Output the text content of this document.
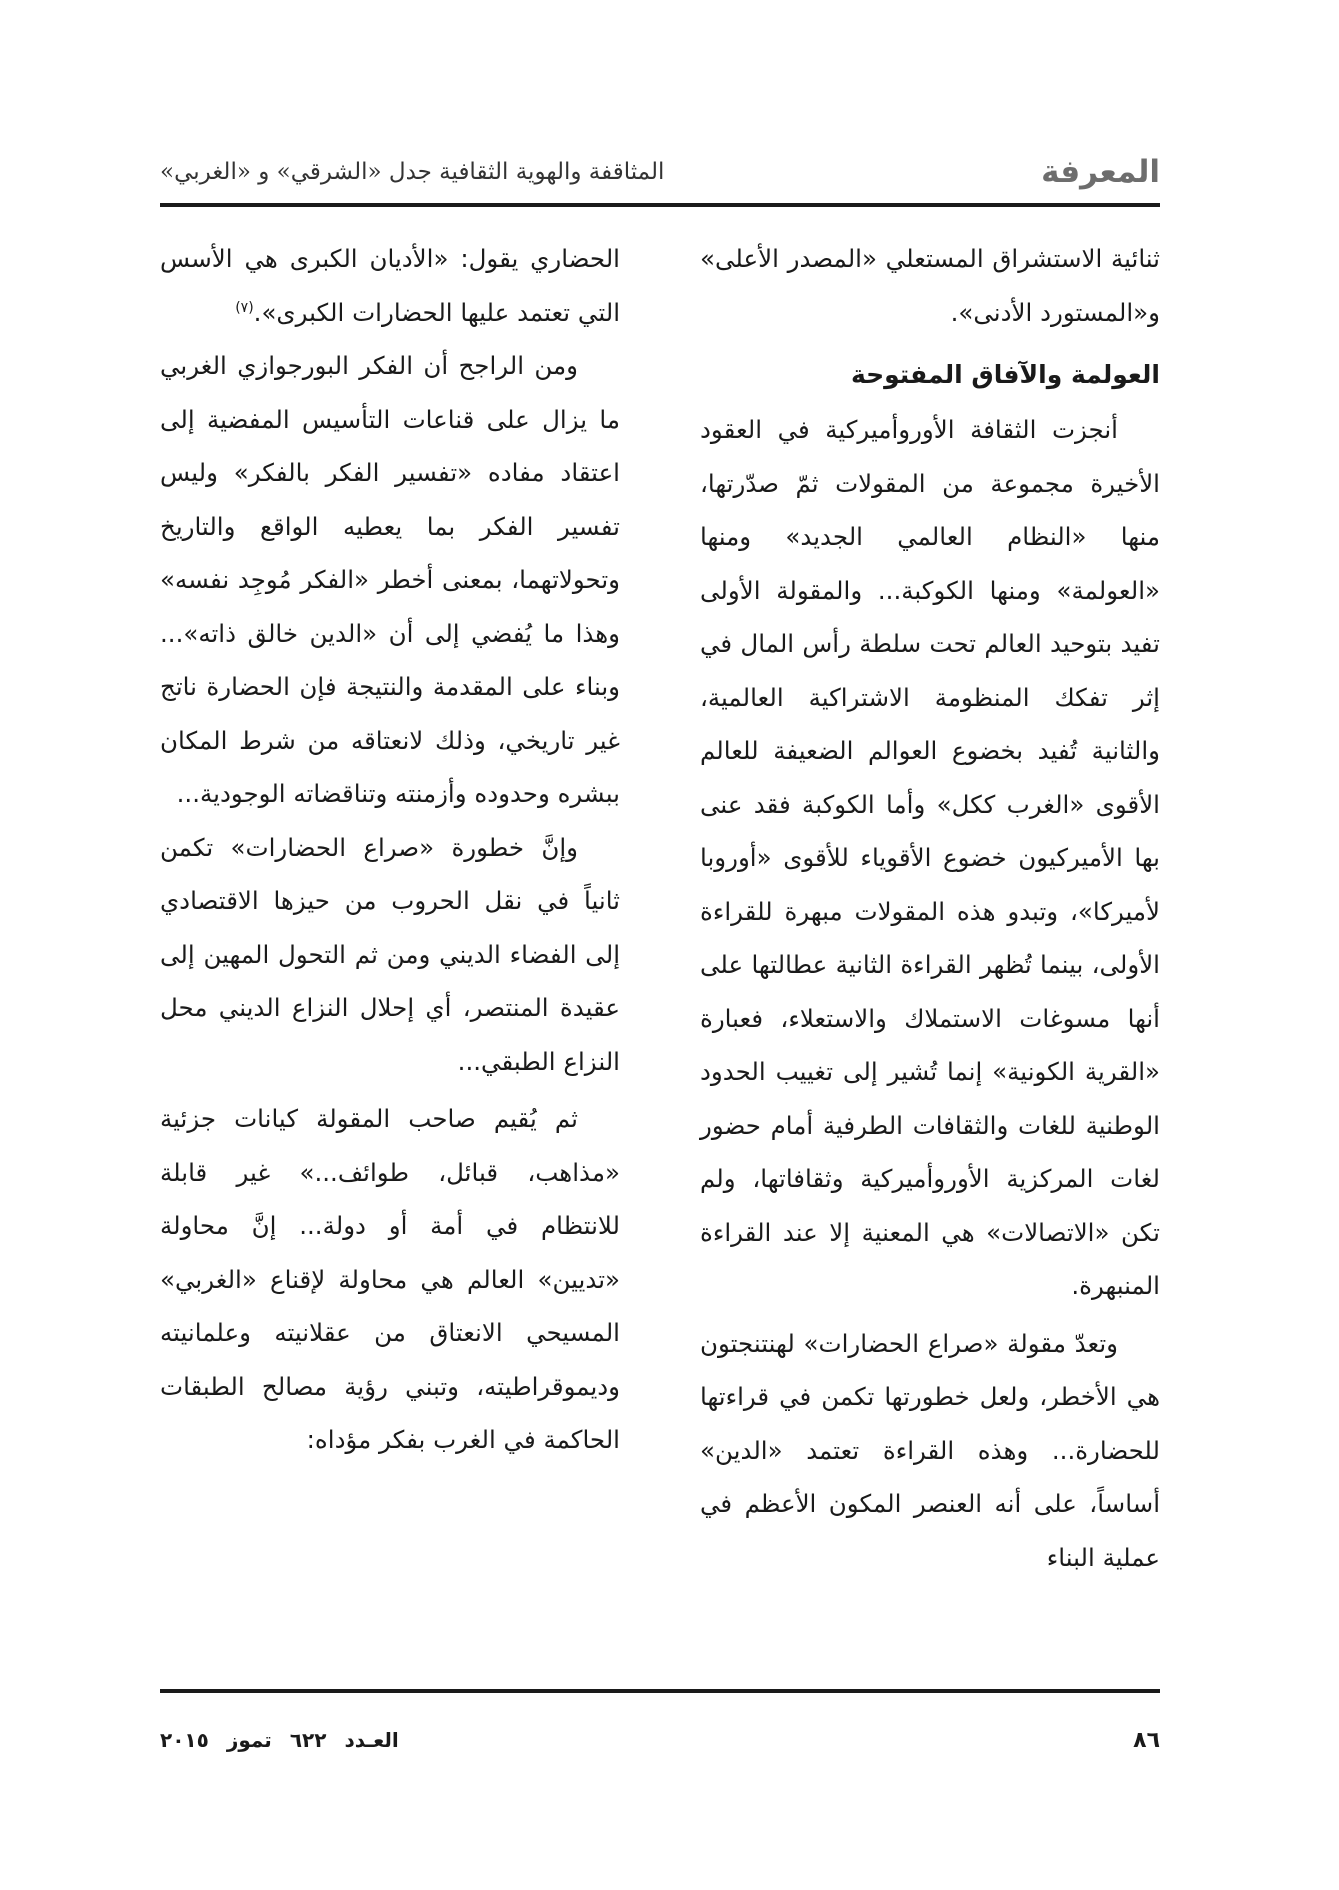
المعرفة
المثاقفة والهوية الثقافية جدل «الشرقي» و «الغربي»

ثنائية الاستشراق المستعلي «المصدر الأعلى» و«المستورد الأدنى».

العولمة والآفاق المفتوحة

أنجزت الثقافة الأوروأميركية في العقود الأخيرة مجموعة من المقولات ثمّ صدّرتها، منها «النظام العالمي الجديد» ومنها «العولمة» ومنها الكوكبة... والمقولة الأولى تفيد بتوحيد العالم تحت سلطة رأس المال في إثر تفكك المنظومة الاشتراكية العالمية، والثانية تُفيد بخضوع العوالم الضعيفة للعالم الأقوى «الغرب ككل» وأما الكوكبة فقد عنى بها الأميركيون خضوع الأقوياء للأقوى «أوروبا لأميركا»، وتبدو هذه المقولات مبهرة للقراءة الأولى، بينما تُظهر القراءة الثانية عطالتها على أنها مسوغات الاستملاك والاستعلاء، فعبارة «القرية الكونية» إنما تُشير إلى تغييب الحدود الوطنية للغات والثقافات الطرفية أمام حضور لغات المركزية الأوروأميركية وثقافاتها، ولم تكن «الاتصالات» هي المعنية إلا عند القراءة المنبهرة.

وتعدّ مقولة «صراع الحضارات» لهنتنجتون هي الأخطر، ولعل خطورتها تكمن في قراءتها للحضارة... وهذه القراءة تعتمد «الدين» أساساً، على أنه العنصر المكون الأعظم في عملية البناء

الحضاري يقول: «الأديان الكبرى هي الأسس التي تعتمد عليها الحضارات الكبرى».$^{(٧)}$

ومن الراجح أن الفكر البورجوازي الغربي ما يزال على قناعات التأسيس المفضية إلى اعتقاد مفاده «تفسير الفكر بالفكر» وليس تفسير الفكر بما يعطيه الواقع والتاريخ وتحولاتهما، بمعنى أخطر «الفكر مُوجِد نفسه» وهذا ما يُفضي إلى أن «الدين خالق ذاته»... وبناء على المقدمة والنتيجة فإن الحضارة ناتج غير تاريخي، وذلك لانعتاقه من شرط المكان ببشره وحدوده وأزمنته وتناقضاته الوجودية...

وإنَّ خطورة «صراع الحضارات» تكمن ثانياً في نقل الحروب من حيزها الاقتصادي إلى الفضاء الديني ومن ثم التحول المهين إلى عقيدة المنتصر، أي إحلال النزاع الديني محل النزاع الطبقي...

ثم يُقيم صاحب المقولة كيانات جزئية «مذاهب، قبائل، طوائف...» غير قابلة للانتظام في أمة أو دولة... إنَّ محاولة «تديين» العالم هي محاولة لإقناع «الغربي» المسيحي الانعتاق من عقلانيته وعلمانيته وديموقراطيته، وتبني رؤية مصالح الطبقات الحاكمة في الغرب بفكر مؤداه:

٨٦
العـدد
٦٢٢
تموز
٢٠١٥
